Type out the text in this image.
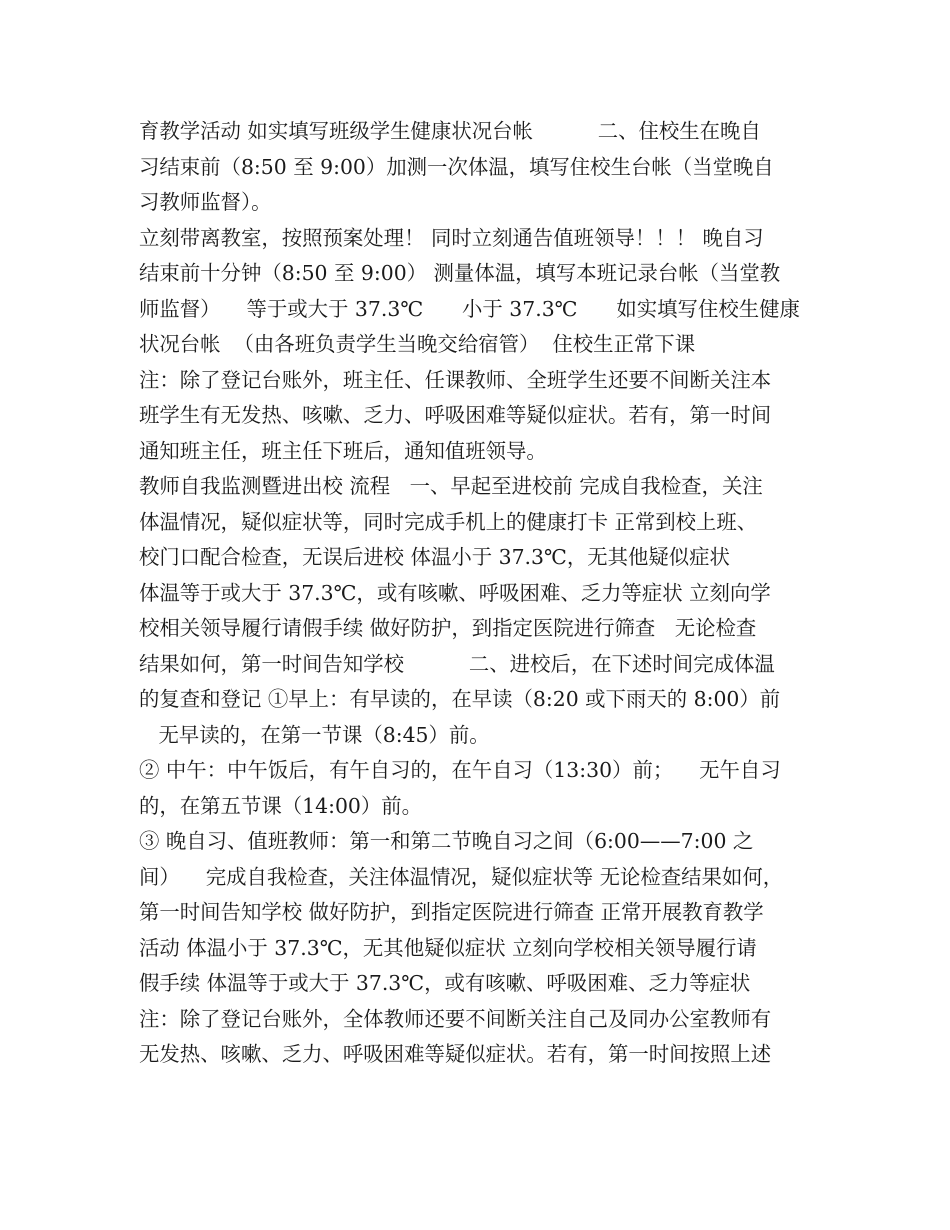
育教学活动 如实填写班级学生健康状况台帐          二、住校生在晚自
习结束前（8:50 至 9:00）加测一次体温，填写住校生台帐（当堂晚自
习教师监督）。
立刻带离教室，按照预案处理！ 同时立刻通告值班领导！！！ 晚自习
结束前十分钟（8:50 至 9:00） 测量体温，填写本班记录台帐（当堂教
师监督）    等于或大于 37.3℃      小于 37.3℃      如实填写住校生健康
状况台帐  （由各班负责学生当晚交给宿管）  住校生正常下课
注：除了登记台账外，班主任、任课教师、全班学生还要不间断关注本
班学生有无发热、咳嗽、乏力、呼吸困难等疑似症状。若有，第一时间
通知班主任，班主任下班后，通知值班领导。
教师自我监测暨进出校 流程   一、早起至进校前 完成自我检查，关注
体温情况，疑似症状等，同时完成手机上的健康打卡 正常到校上班、
校门口配合检查，无误后进校 体温小于 37.3℃，无其他疑似症状
体温等于或大于 37.3℃，或有咳嗽、呼吸困难、乏力等症状 立刻向学
校相关领导履行请假手续 做好防护，到指定医院进行筛查   无论检查
结果如何，第一时间告知学校          二、进校后，在下述时间完成体温
的复查和登记 ①早上：有早读的，在早读（8:20 或下雨天的 8:00）前
无早读的，在第一节课（8:45）前。
② 中午：中午饭后，有午自习的，在午自习（13:30）前；    无午自习
的，在第五节课（14:00）前。
③ 晚自习、值班教师：第一和第二节晚自习之间（6:00——7:00 之
间）    完成自我检查，关注体温情况，疑似症状等 无论检查结果如何，
第一时间告知学校 做好防护，到指定医院进行筛查 正常开展教育教学
活动 体温小于 37.3℃，无其他疑似症状 立刻向学校相关领导履行请
假手续 体温等于或大于 37.3℃，或有咳嗽、呼吸困难、乏力等症状
注：除了登记台账外，全体教师还要不间断关注自己及同办公室教师有
无发热、咳嗽、乏力、呼吸困难等疑似症状。若有，第一时间按照上述
